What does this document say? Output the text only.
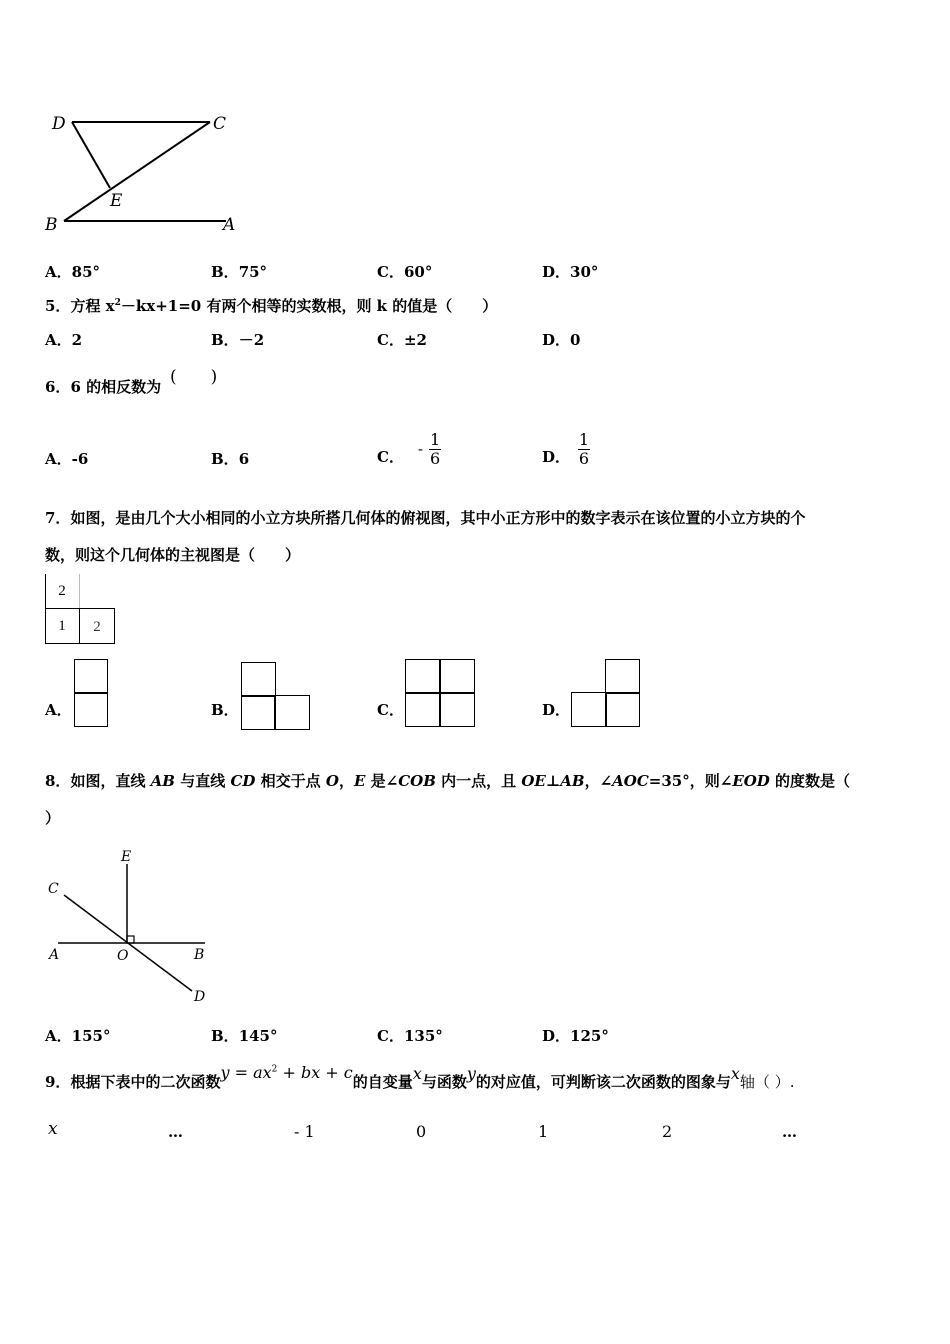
D	C
E
B	A
A．85°	B．75°	C．60°	D．30°
5．方程 $x^2-kx+1=0$ 有两个相等的实数根，则 k 的值是（　　）
A．2	B．－2	C．±2	D．0
6．6 的相反数为 (　　)
A．-6	B．6	C． - $\frac{1}{6}$	D． $\frac{1}{6}$
7．如图，是由几个大小相同的小立方块所搭几何体的俯视图，其中小正方形中的数字表示在该位置的小立方块的个
数，则这个几何体的主视图是（　　）
2
1	2
A．	B．	C．	D．
8．如图，直线 AB 与直线 CD 相交于点 O，E 是∠COB 内一点，且 OE⊥AB，∠AOC=35°，则∠EOD 的度数是（
）
E
C
A	O	B
D
A．155°	B．145°	C．135°	D．125°
9．根据下表中的二次函数$y = ax^2$ + bx + c的自变量x与函数y的对应值，可判断该二次函数的图象与x轴（ ）.
x	…	- 1	0	1	2	…
